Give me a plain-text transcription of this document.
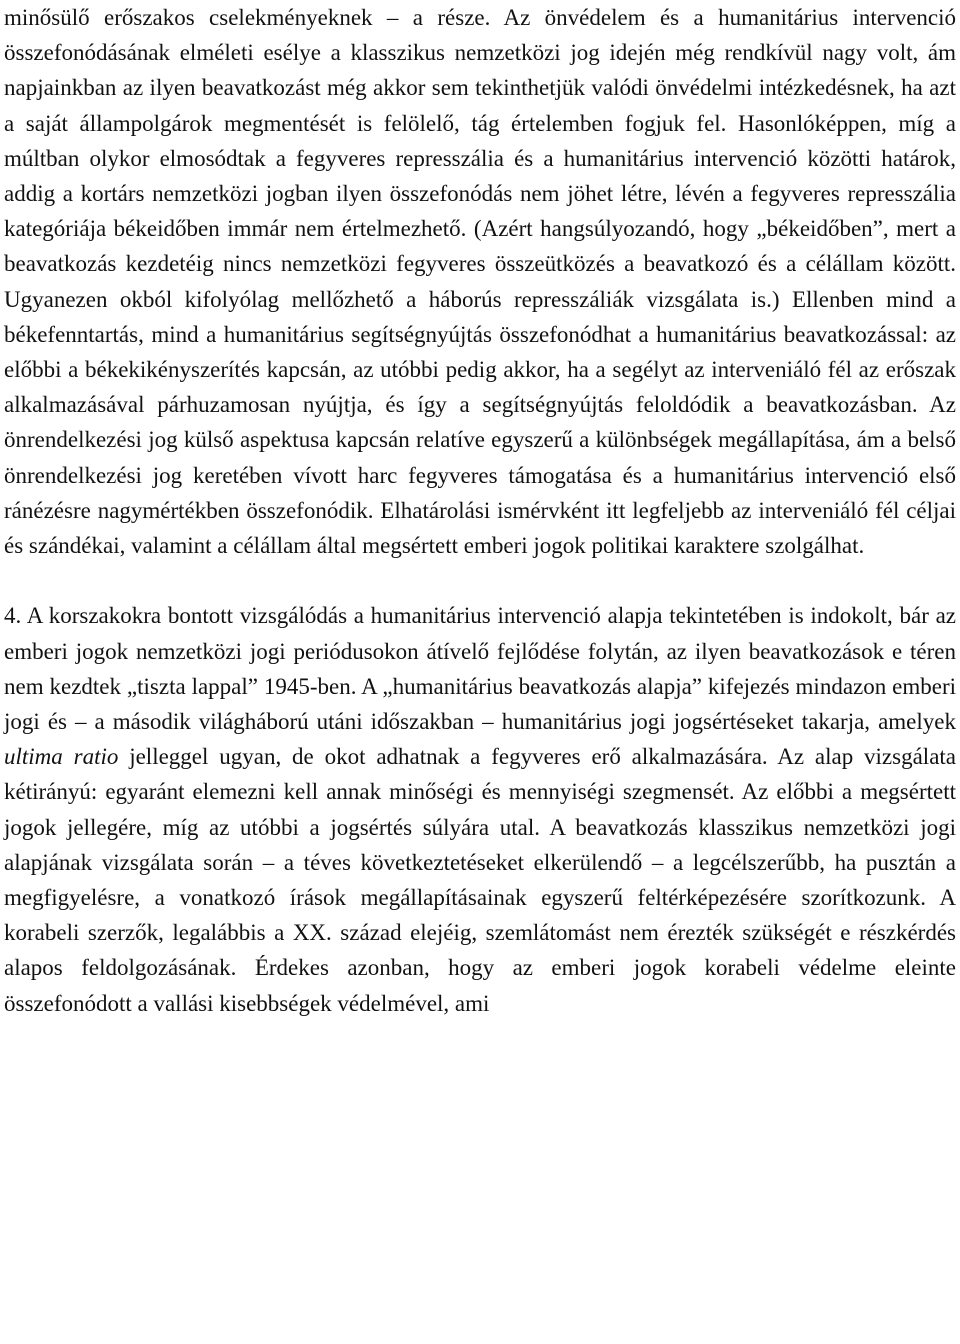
minősülő erőszakos cselekményeknek – a része. Az önvédelem és a humanitárius intervenció összefonódásának elméleti esélye a klasszikus nemzetközi jog idején még rendkívül nagy volt, ám napjainkban az ilyen beavatkozást még akkor sem tekinthetjük valódi önvédelmi intézkedésnek, ha azt a saját állampolgárok megmentését is felölelő, tág értelemben fogjuk fel. Hasonlóképpen, míg a múltban olykor elmosódtak a fegyveres represszália és a humanitárius intervenció közötti határok, addig a kortárs nemzetközi jogban ilyen összefonódás nem jöhet létre, lévén a fegyveres represszália kategóriája békeidőben immár nem értelmezhető. (Azért hangsúlyozandó, hogy „békeidőben”, mert a beavatkozás kezdetéig nincs nemzetközi fegyveres összeütközés a beavatkozó és a célállam között. Ugyanezen okból kifolyólag mellőzhető a háborús represszáliák vizsgálata is.) Ellenben mind a békefenntartás, mind a humanitárius segítségnyújtás összefonódhat a humanitárius beavatkozással: az előbbi a békekikényszerítés kapcsán, az utóbbi pedig akkor, ha a segélyt az interveniáló fél az erőszak alkalmazásával párhuzamosan nyújtja, és így a segítségnyújtás feloldódik a beavatkozásban. Az önrendelkezési jog külső aspektusa kapcsán relatíve egyszerű a különbségek megállapítása, ám a belső önrendelkezési jog keretében vívott harc fegyveres támogatása és a humanitárius intervenció első ránézésre nagymértékben összefonódik. Elhatárolási ismérvként itt legfeljebb az interveniáló fél céljai és szándékai, valamint a célállam által megsértett emberi jogok politikai karaktere szolgálhat.

4. A korszakokra bontott vizsgálódás a humanitárius intervenció alapja tekintetében is indokolt, bár az emberi jogok nemzetközi jogi periódusokon átívelő fejlődése folytán, az ilyen beavatkozások e téren nem kezdtek „tiszta lappal” 1945-ben. A „humanitárius beavatkozás alapja” kifejezés mindazon emberi jogi és – a második világháború utáni időszakban – humanitárius jogi jogsértéseket takarja, amelyek ultima ratio jelleggel ugyan, de okot adhatnak a fegyveres erő alkalmazására. Az alap vizsgálata kétirányú: egyaránt elemezni kell annak minőségi és mennyiségi szegmensét. Az előbbi a megsértett jogok jellegére, míg az utóbbi a jogsértés súlyára utal. A beavatkozás klasszikus nemzetközi jogi alapjának vizsgálata során – a téves következtetéseket elkerülendő – a legcélszerűbb, ha pusztán a megfigyelésre, a vonatkozó írások megállapításainak egyszerű feltérképezésére szorítkozunk. A korabeli szerzők, legalábbis a XX. század elejéig, szemlátomást nem érezték szükségét e részkérdés alapos feldolgozásának. Érdekes azonban, hogy az emberi jogok korabeli védelme eleinte összefonódott a vallási kisebbségek védelmével, ami
